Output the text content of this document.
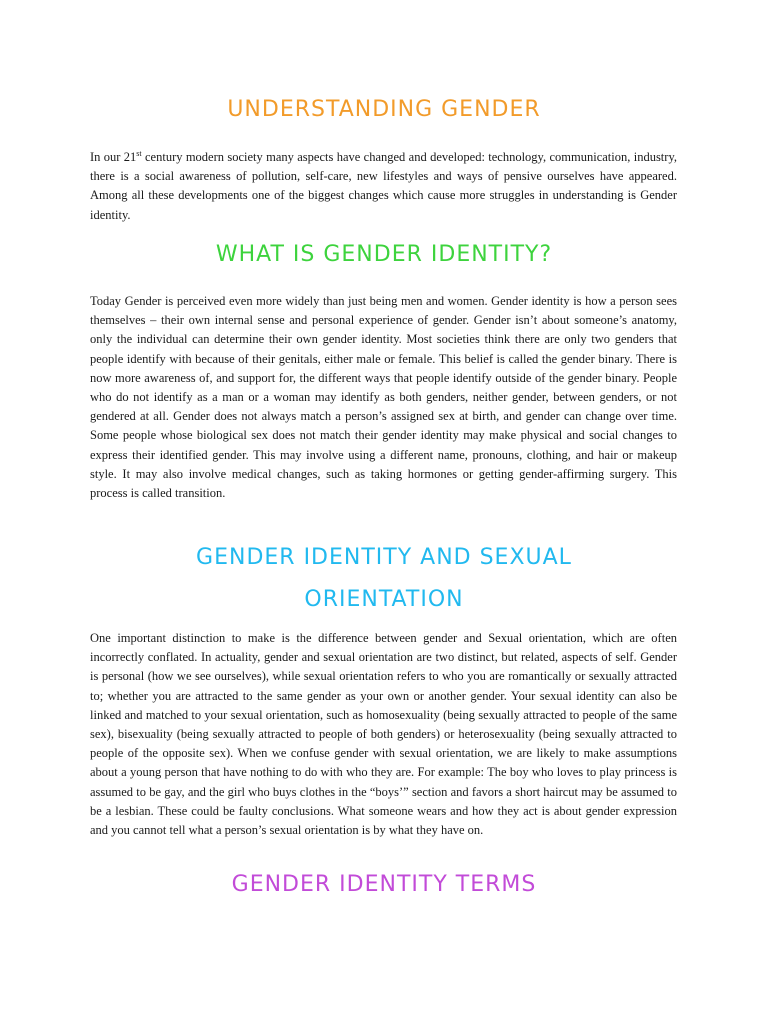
UNDERSTANDING GENDER

In our 21st century modern society many aspects have changed and developed: technology, communication, industry, there is a social awareness of pollution, self-care, new lifestyles and ways of pensive ourselves have appeared. Among all these developments one of the biggest changes which cause more struggles in understanding is Gender identity.

WHAT IS GENDER IDENTITY?

Today Gender is perceived even more widely than just being men and women. Gender identity is how a person sees themselves – their own internal sense and personal experience of gender. Gender isn’t about someone’s anatomy, only the individual can determine their own gender identity. Most societies think there are only two genders that people identify with because of their genitals, either male or female. This belief is called the gender binary. There is now more awareness of, and support for, the different ways that people identify outside of the gender binary. People who do not identify as a man or a woman may identify as both genders, neither gender, between genders, or not gendered at all. Gender does not always match a person’s assigned sex at birth, and gender can change over time. Some people whose biological sex does not match their gender identity may make physical and social changes to express their identified gender. This may involve using a different name, pronouns, clothing, and hair or makeup style. It may also involve medical changes, such as taking hormones or getting gender-affirming surgery. This process is called transition.

GENDER IDENTITY AND SEXUAL
ORIENTATION

One important distinction to make is the difference between gender and Sexual orientation, which are often incorrectly conflated. In actuality, gender and sexual orientation are two distinct, but related, aspects of self. Gender is personal (how we see ourselves), while sexual orientation refers to who you are romantically or sexually attracted to; whether you are attracted to the same gender as your own or another gender. Your sexual identity can also be linked and matched to your sexual orientation, such as homosexuality (being sexually attracted to people of the same sex), bisexuality (being sexually attracted to people of both genders) or heterosexuality (being sexually attracted to people of the opposite sex). When we confuse gender with sexual orientation, we are likely to make assumptions about a young person that have nothing to do with who they are. For example: The boy who loves to play princess is assumed to be gay, and the girl who buys clothes in the “boys’” section and favors a short haircut may be assumed to be a lesbian. These could be faulty conclusions. What someone wears and how they act is about gender expression and you cannot tell what a person’s sexual orientation is by what they have on.

GENDER IDENTITY TERMS
